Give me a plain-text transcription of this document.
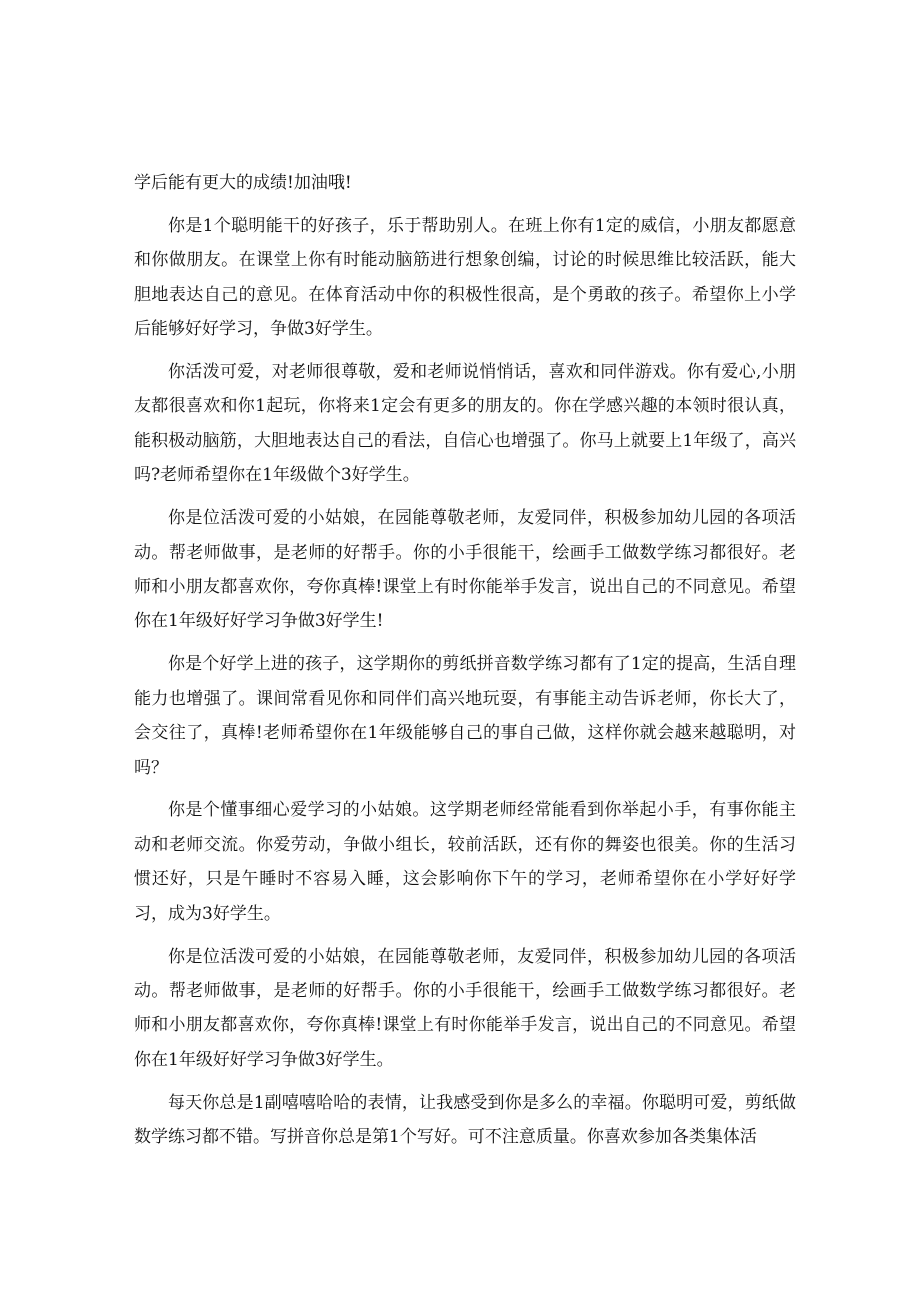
学后能有更大的成绩!加油哦!

你是1个聪明能干的好孩子，乐于帮助别人。在班上你有1定的威信，小朋友都愿意和你做朋友。在课堂上你有时能动脑筋进行想象创编，讨论的时候思维比较活跃，能大胆地表达自己的意见。在体育活动中你的积极性很高，是个勇敢的孩子。希望你上小学后能够好好学习，争做3好学生。

你活泼可爱，对老师很尊敬，爱和老师说悄悄话，喜欢和同伴游戏。你有爱心,小朋友都很喜欢和你1起玩，你将来1定会有更多的朋友的。你在学感兴趣的本领时很认真，能积极动脑筋，大胆地表达自己的看法，自信心也增强了。你马上就要上1年级了，高兴吗?老师希望你在1年级做个3好学生。

你是位活泼可爱的小姑娘，在园能尊敬老师，友爱同伴，积极参加幼儿园的各项活动。帮老师做事，是老师的好帮手。你的小手很能干，绘画手工做数学练习都很好。老师和小朋友都喜欢你，夸你真棒!课堂上有时你能举手发言，说出自己的不同意见。希望你在1年级好好学习争做3好学生!

你是个好学上进的孩子，这学期你的剪纸拼音数学练习都有了1定的提高，生活自理能力也增强了。课间常看见你和同伴们高兴地玩耍，有事能主动告诉老师，你长大了，会交往了，真棒!老师希望你在1年级能够自己的事自己做，这样你就会越来越聪明，对吗？

你是个懂事细心爱学习的小姑娘。这学期老师经常能看到你举起小手，有事你能主动和老师交流。你爱劳动，争做小组长，较前活跃，还有你的舞姿也很美。你的生活习惯还好，只是午睡时不容易入睡，这会影响你下午的学习，老师希望你在小学好好学习，成为3好学生。

你是位活泼可爱的小姑娘，在园能尊敬老师，友爱同伴，积极参加幼儿园的各项活动。帮老师做事，是老师的好帮手。你的小手很能干，绘画手工做数学练习都很好。老师和小朋友都喜欢你，夸你真棒!课堂上有时你能举手发言，说出自己的不同意见。希望你在1年级好好学习争做3好学生。

每天你总是1副嘻嘻哈哈的表情，让我感受到你是多么的幸福。你聪明可爱，剪纸做数学练习都不错。写拼音你总是第1个写好。可不注意质量。你喜欢参加各类集体活
